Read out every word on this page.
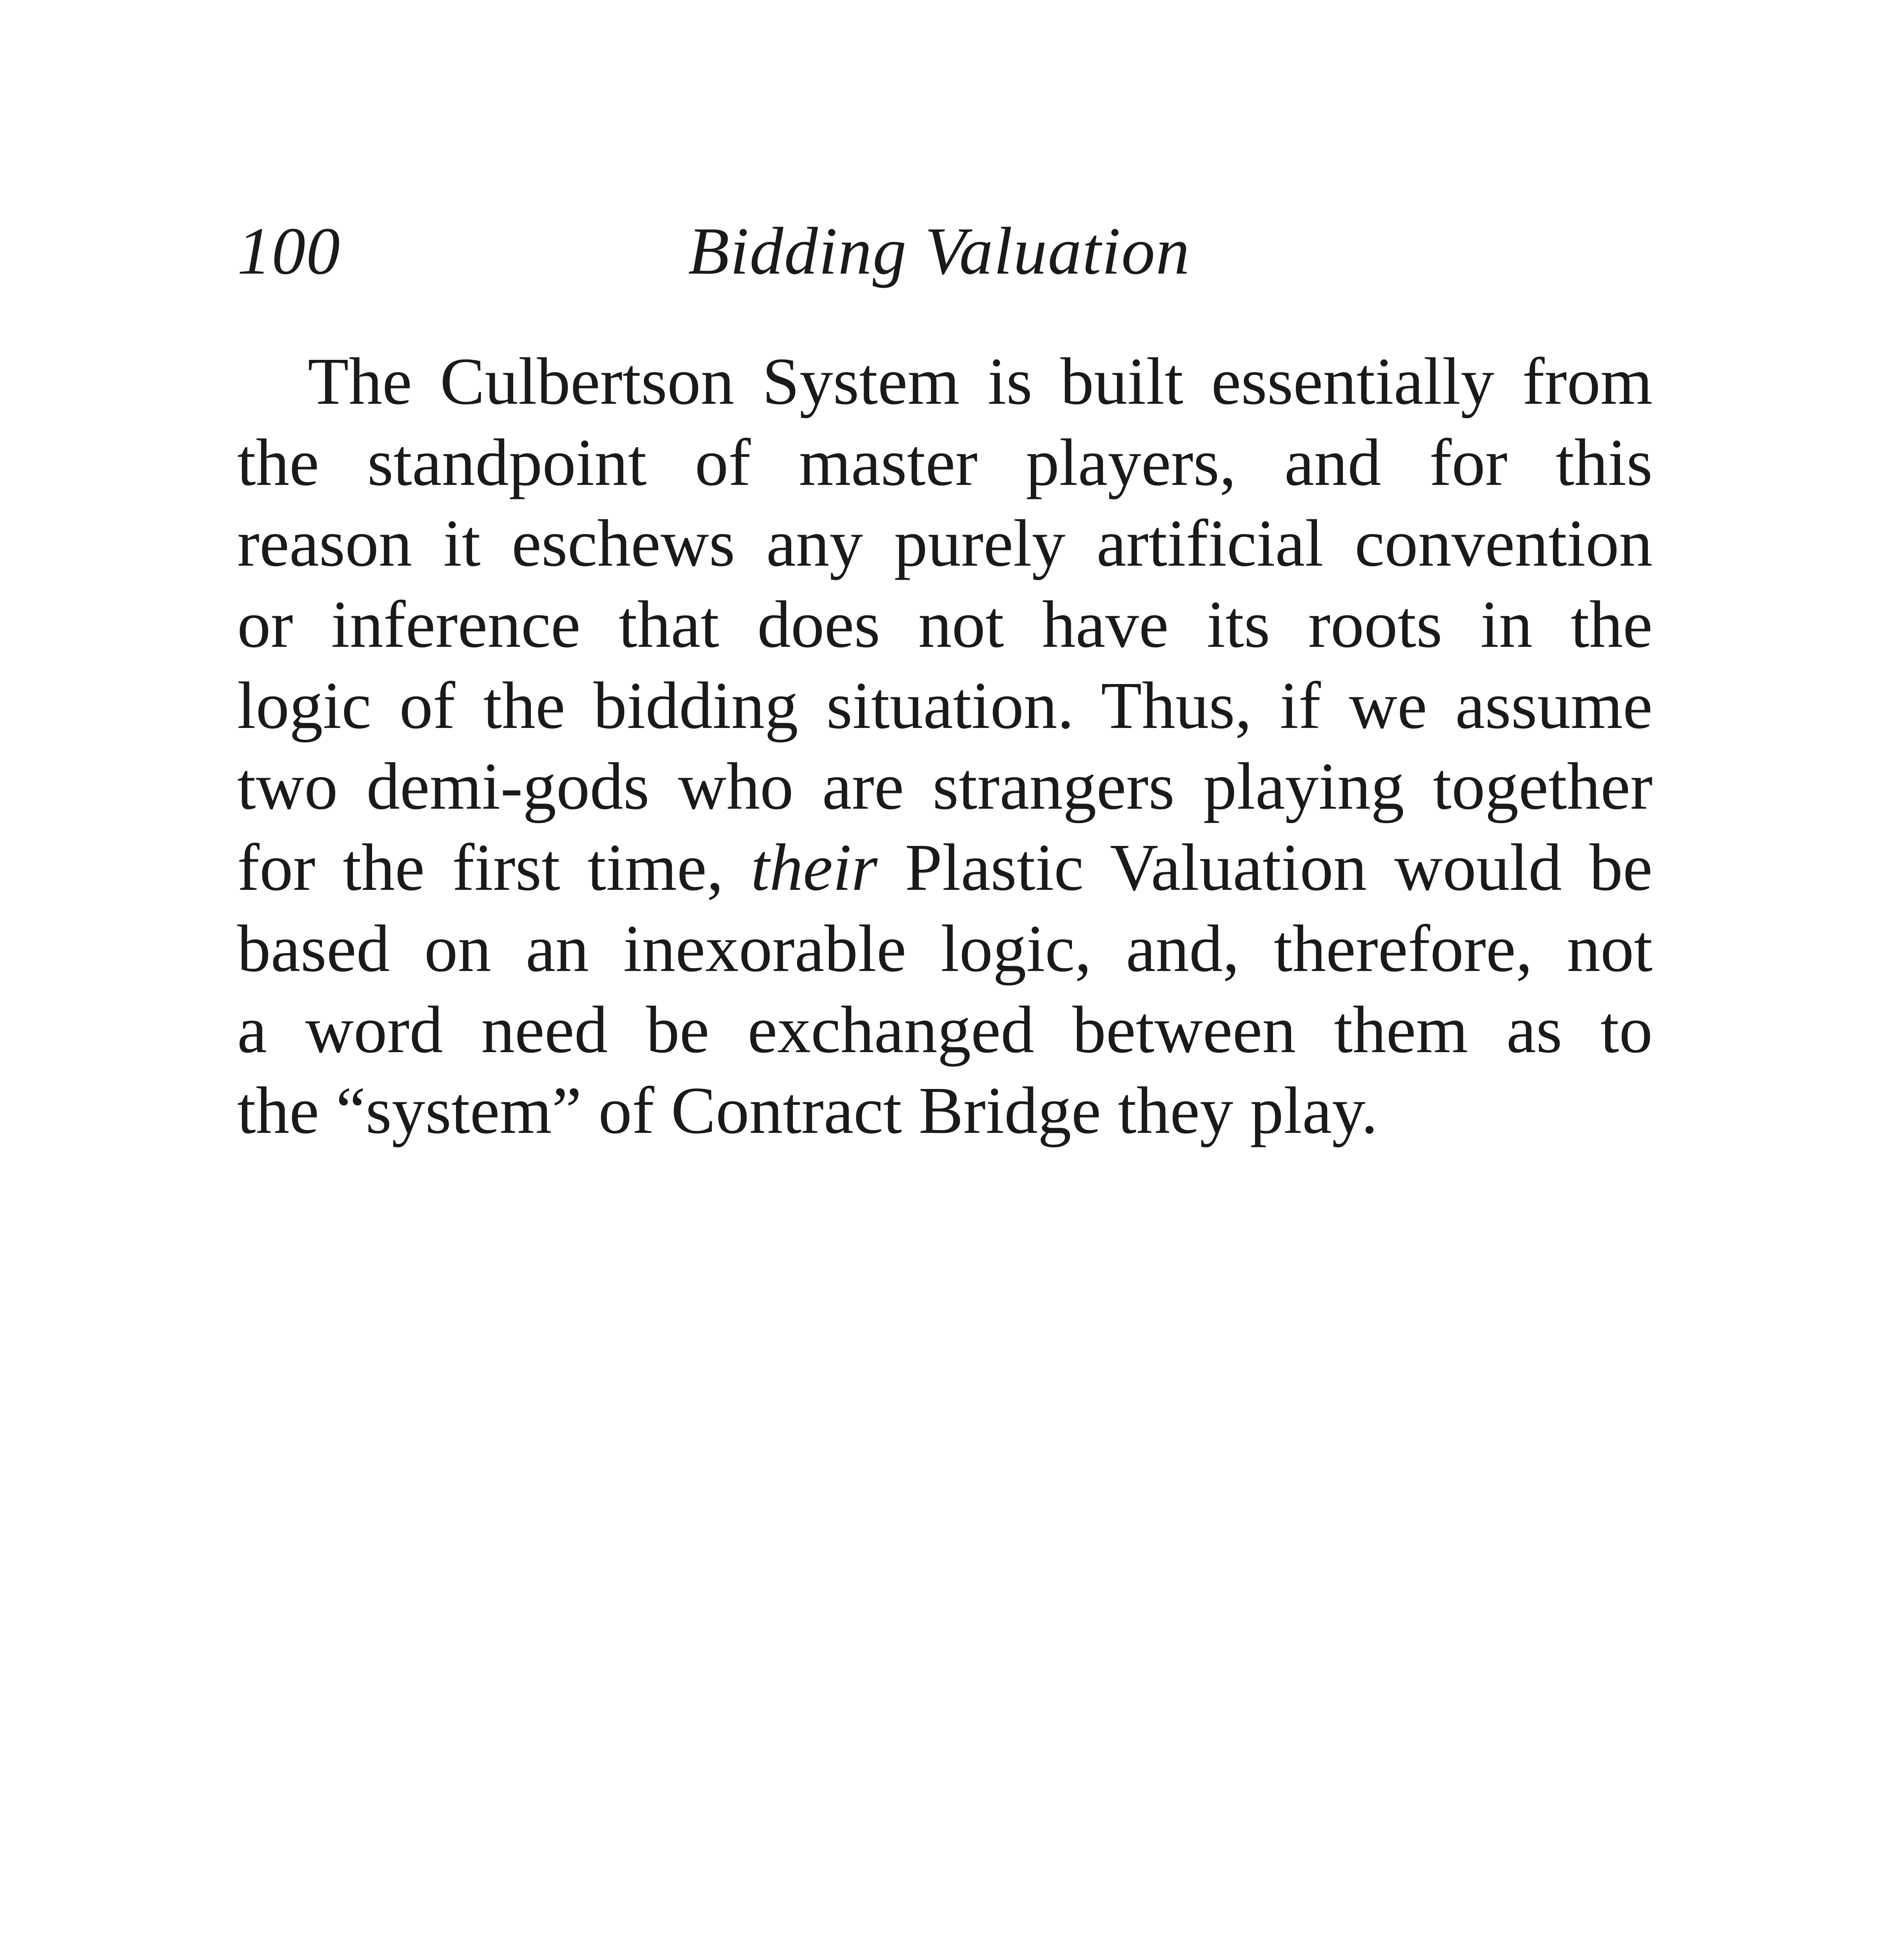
100	Bidding Valuation
The Culbertson System is built essentially from
the standpoint of master players, and for this
reason it eschews any purely artificial convention
or inference that does not have its roots in the
logic of the bidding situation. Thus, if we assume
two demi-gods who are strangers playing together
for the first time, their Plastic Valuation would be
based on an inexorable logic, and, therefore, not
a word need be exchanged between them as to
the “system” of Contract Bridge they play.
